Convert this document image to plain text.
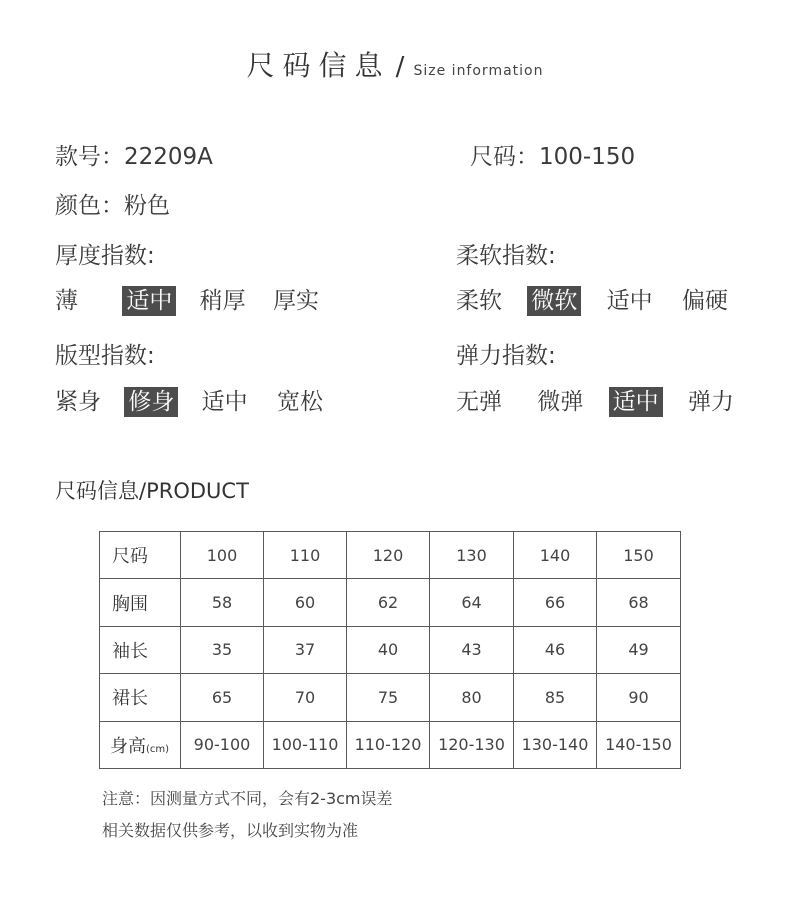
尺码信息 / Size information
款号：22209A	尺码：100-150
颜色：粉色
厚度指数:
薄 适中 稍厚 厚实
柔软指数:
柔软 微软 适中 偏硬
版型指数:
紧身 修身 适中 宽松
弹力指数:
无弹 微弹 适中 弹力
尺码信息/PRODUCT
尺码	100	110	120	130	140	150
胸围	58	60	62	64	66	68
袖长	35	37	40	43	46	49
裙长	65	70	75	80	85	90
身高(cm)	90-100	100-110	110-120	120-130	130-140	140-150
注意：因测量方式不同，会有2-3cm误差
相关数据仅供参考，以收到实物为准
